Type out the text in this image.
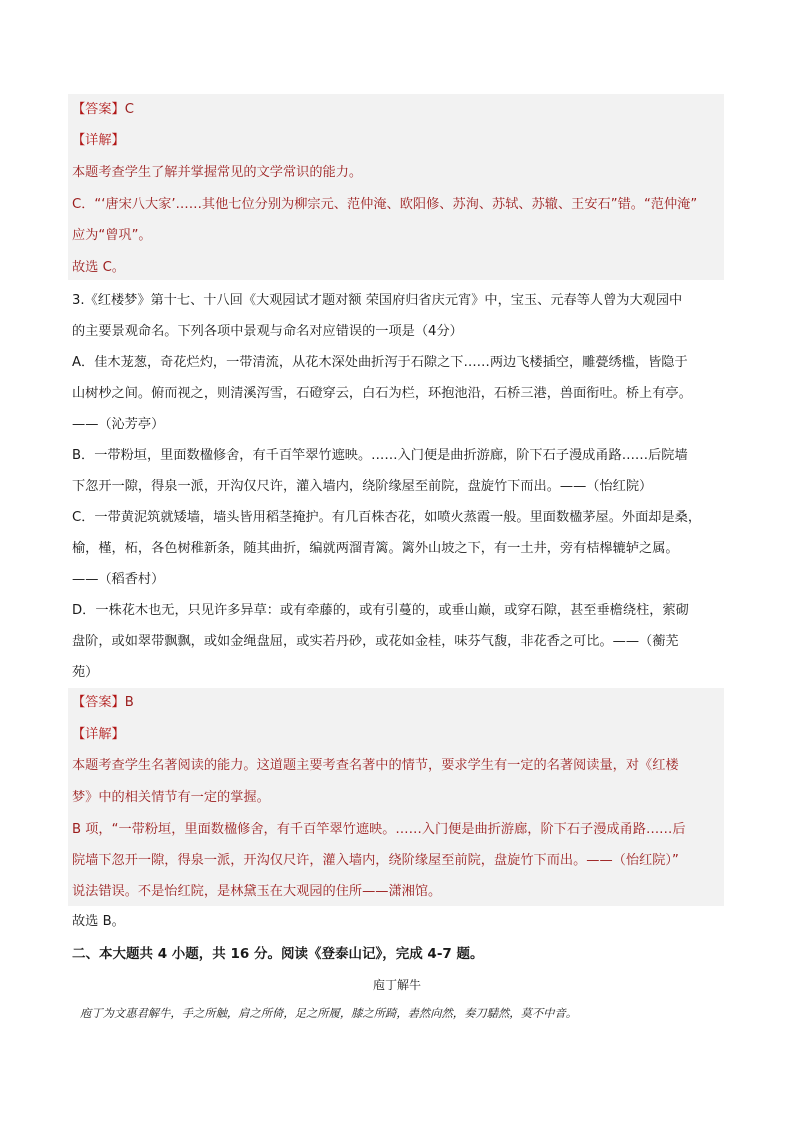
【答案】C
【详解】
本题考查学生了解并掌握常见的文学常识的能力。
C．“‘唐宋八大家’……其他七位分别为柳宗元、范仲淹、欧阳修、苏洵、苏轼、苏辙、王安石”错。“范仲淹”
应为“曾巩”。
故选 C。
3.《红楼梦》第十七、十八回《大观园试才题对额 荣国府归省庆元宵》中，宝玉、元春等人曾为大观园中
的主要景观命名。下列各项中景观与命名对应错误的一项是（4分）
A．佳木茏葱，奇花烂灼，一带清流，从花木深处曲折泻于石隙之下……两边飞楼插空，雕甍绣槛，皆隐于
山树杪之间。俯而视之，则清溪泻雪，石磴穿云，白石为栏，环抱池沿，石桥三港，兽面衔吐。桥上有亭。
——（沁芳亭）
B．一带粉垣，里面数楹修舍，有千百竿翠竹遮映。……入门便是曲折游廊，阶下石子漫成甬路……后院墙
下忽开一隙，得泉一派，开沟仅尺许，灌入墙内，绕阶缘屋至前院，盘旋竹下而出。——（怡红院）
C．一带黄泥筑就矮墙，墙头皆用稻茎掩护。有几百株杏花，如喷火蒸霞一般。里面数楹茅屋。外面却是桑，
榆，槿，柘，各色树稚新条，随其曲折，编就两溜青篱。篱外山坡之下，有一土井，旁有桔槔辘轳之属。
——（稻香村）
D．一株花木也无，只见许多异草：或有牵藤的，或有引蔓的，或垂山巅，或穿石隙，甚至垂檐绕柱，萦砌
盘阶，或如翠带飘飘，或如金绳盘屈，或实若丹砂，或花如金桂，味芬气馥，非花香之可比。——（蘅芜
苑）
【答案】B
【详解】
本题考查学生名著阅读的能力。这道题主要考查名著中的情节，要求学生有一定的名著阅读量，对《红楼
梦》中的相关情节有一定的掌握。
B 项，“一带粉垣，里面数楹修舍，有千百竿翠竹遮映。……入门便是曲折游廊，阶下石子漫成甬路……后
院墙下忽开一隙，得泉一派，开沟仅尺许，灌入墙内，绕阶缘屋至前院，盘旋竹下而出。——（怡红院）”
说法错误。不是怡红院，是林黛玉在大观园的住所——潇湘馆。
故选 B。
二、本大题共 4 小题，共 16 分。阅读《登泰山记》，完成 4-7 题。
庖丁解牛
庖丁为文惠君解牛，手之所触，肩之所倚，足之所履，膝之所踦，砉然向然，奏刀騞然，莫不中音。
